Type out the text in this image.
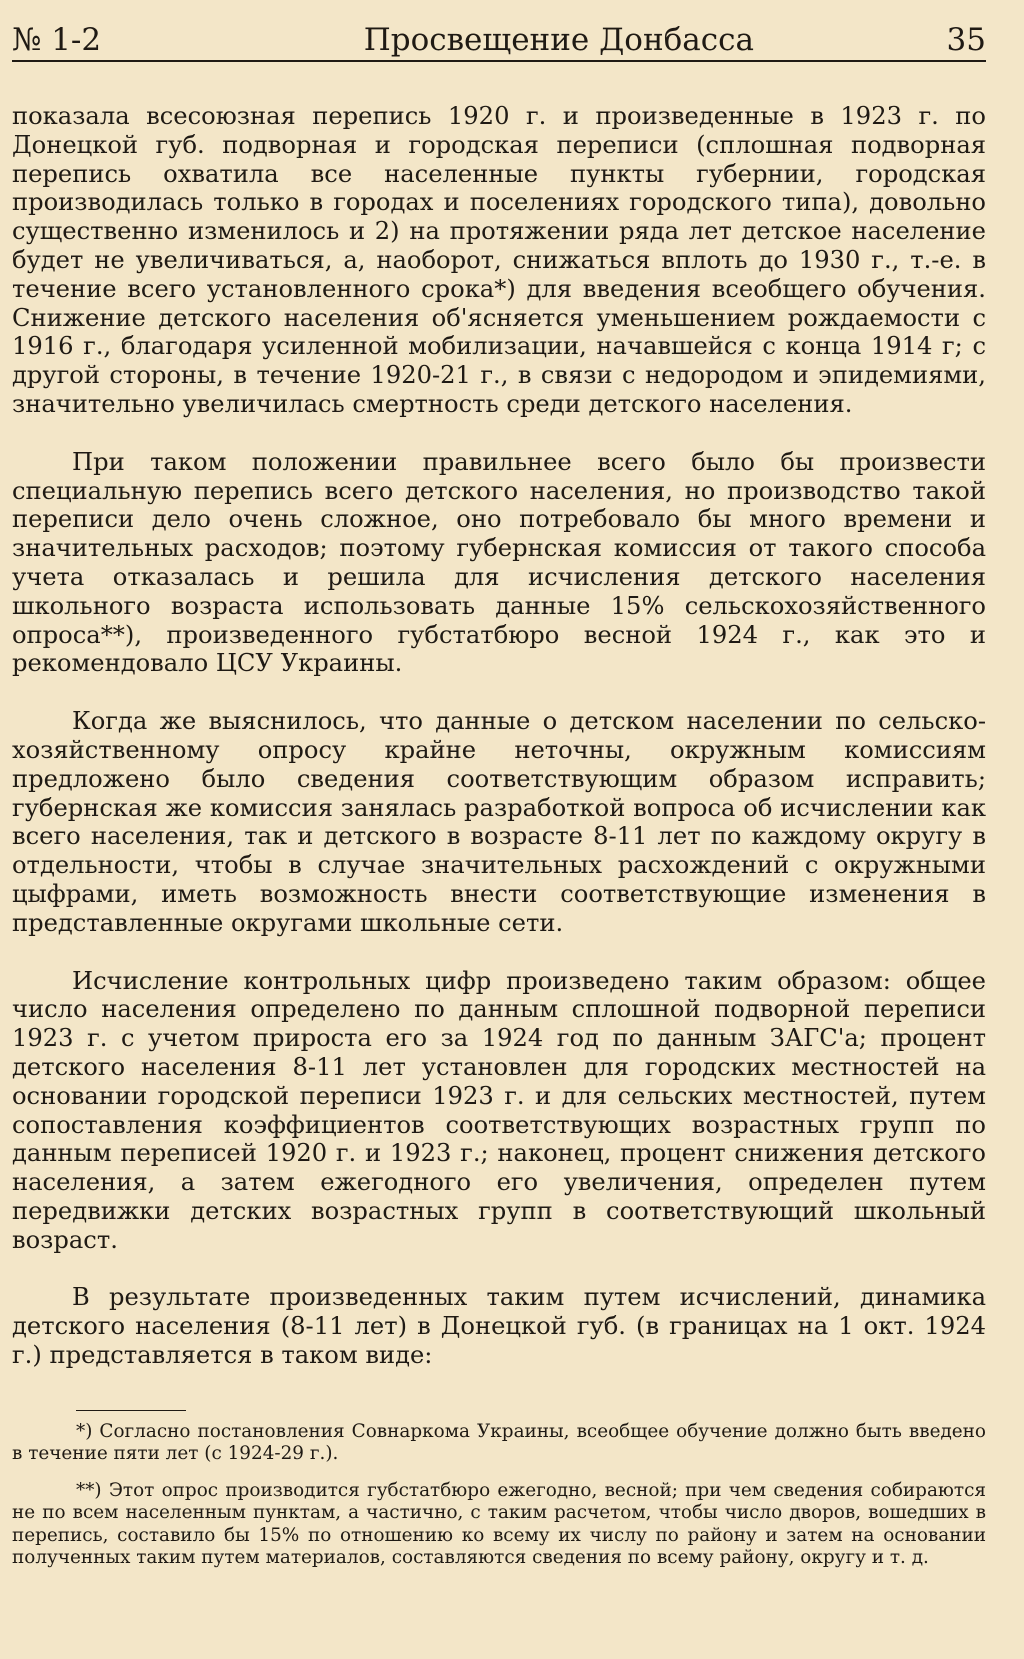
№ 1-2	Просвещение Донбасса	35

показала всесоюзная перепись 1920 г. и произведенные в 1923 г. по Донецкой губ. подворная и городская переписи (сплошная подворная перепись охватила все населенные пункты губернии, городская производилась только в городах и поселениях городского типа), довольно существенно изменилось и 2) на протяжении ряда лет детское население будет не увеличиваться, а, наоборот, снижаться вплоть до 1930 г., т.-е. в течение всего установленного срока*) для введения всеобщего обучения. Снижение детского населения об'ясняется уменьшением рождаемости с 1916 г., благодаря усиленной мобилизации, начавшейся с конца 1914 г; с другой стороны, в течение 1920-21 г., в связи с недородом и эпидемиями, значительно увеличилась смертность среди детского населения.

При таком положении правильнее всего было бы произвести специальную перепись всего детского населения, но производство такой переписи дело очень сложное, оно потребовало бы много времени и значительных расходов; поэтому губернская комиссия от такого способа учета отказалась и решила для исчисления детского населения школьного возраста использовать данные 15% сельскохозяйственного опроса**), произведенного губстатбюро весной 1924 г., как это и рекомендовало ЦСУ Украины.

Когда же выяснилось, что данные о детском населении по сельско-хозяйственному опросу крайне неточны, окружным комиссиям предложено было сведения соответствующим образом исправить; губернская же комиссия занялась разработкой вопроса об исчислении как всего населения, так и детского в возрасте 8-11 лет по каждому округу в отдельности, чтобы в случае значительных расхождений с окружными цыфрами, иметь возможность внести соответствующие изменения в представленные округами школьные сети.

Исчисление контрольных цифр произведено таким образом: общее число населения определено по данным сплошной подворной переписи 1923 г. с учетом прироста его за 1924 год по данным ЗАГС'а; процент детского населения 8-11 лет установлен для городских местностей на основании городской переписи 1923 г. и для сельских местностей, путем сопоставления коэффициентов соответствующих возрастных групп по данным переписей 1920 г. и 1923 г.; наконец, процент снижения детского населения, а затем ежегодного его увеличения, определен путем передвижки детских возрастных групп в соответствующий школьный возраст.

В результате произведенных таким путем исчислений, динамика детского населения (8-11 лет) в Донецкой губ. (в границах на 1 окт. 1924 г.) представляется в таком виде:

*) Согласно постановления Совнаркома Украины, всеобщее обучение должно быть введено в течение пяти лет (с 1924-29 г.).

**) Этот опрос производится губстатбюро ежегодно, весной; при чем сведения собираются не по всем населенным пунктам, а частично, с таким расчетом, чтобы число дворов, вошедших в перепись, составило бы 15% по отношению ко всему их числу по району и затем на основании полученных таким путем материалов, составляются сведения по всему району, округу и т. д.
